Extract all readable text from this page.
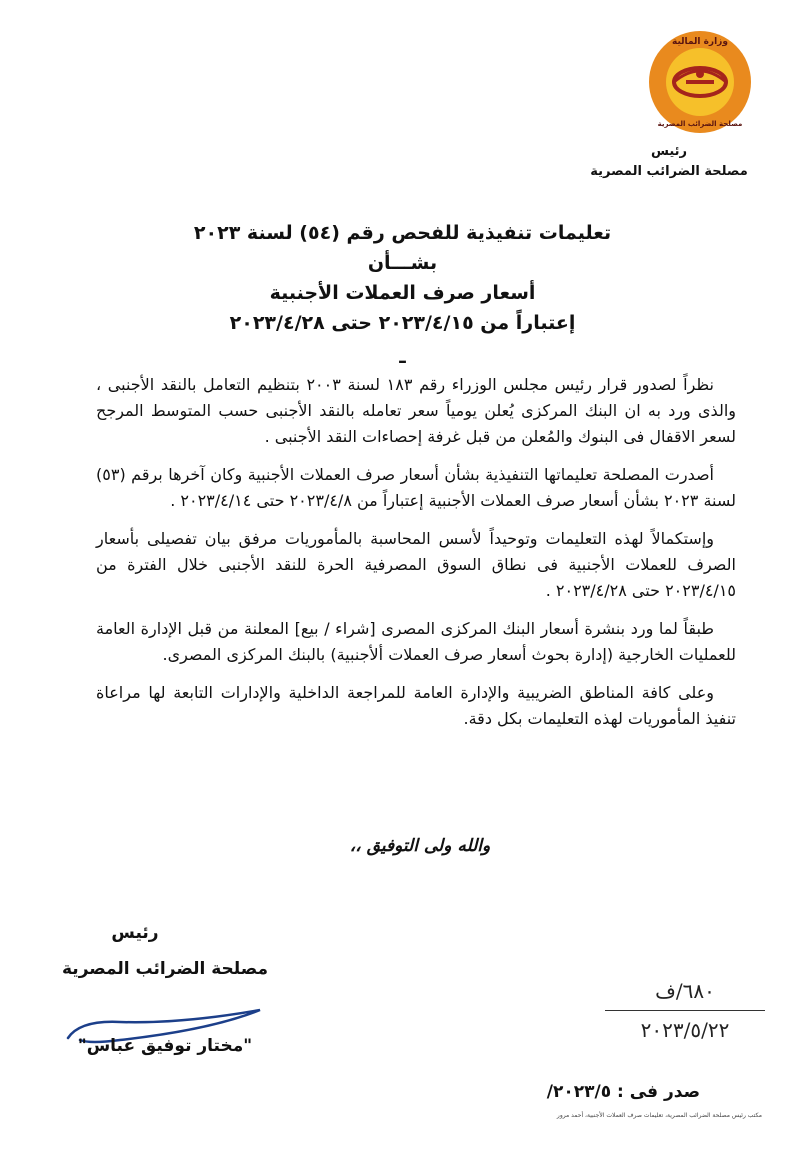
وزارة المالية
مصلحة الضرائب المصرية
رئيس
مصلحة الضرائب المصرية
تعليمات تنفيذية للفحص رقم (٥٤) لسنة ٢٠٢٣
بشـــأن
أسعار صرف العملات الأجنبية
إعتباراً من ٢٠٢٣/٤/١٥ حتى ٢٠٢٣/٤/٢٨
ـ

نظراً لصدور قرار رئيس مجلس الوزراء رقم ١٨٣ لسنة ٢٠٠٣ بتنظيم التعامل بالنقد الأجنبى ، والذى ورد به ان البنك المركزى يُعلن يومياً سعر تعامله بالنقد الأجنبى حسب المتوسط المرجح لسعر الاقفال فى البنوك والمُعلن من قبل غرفة إحصاءات النقد الأجنبى .

أصدرت المصلحة تعليماتها التنفيذية بشأن أسعار صرف العملات الأجنبية وكان آخرها برقم (٥٣) لسنة ٢٠٢٣ بشأن أسعار صرف العملات الأجنبية إعتباراً من ٢٠٢٣/٤/٨ حتى ٢٠٢٣/٤/١٤ .

وإستكمالاً لهذه التعليمات وتوحيداً لأسس المحاسبة بالمأموريات مرفق بيان تفصيلى بأسعار الصرف للعملات الأجنبية فى نطاق السوق المصرفية الحرة للنقد الأجنبى خلال الفترة من ٢٠٢٣/٤/١٥ حتى ٢٠٢٣/٤/٢٨ .

طبقاً لما ورد بنشرة أسعار البنك المركزى المصرى [شراء / بيع] المعلنة من قبل الإدارة العامة للعمليات الخارجية (إدارة بحوث أسعار صرف العملات ألأجنبية) بالبنك المركزى المصرى.

وعلى كافة المناطق الضريبية والإدارة العامة للمراجعة الداخلية والإدارات التابعة لها مراعاة تنفيذ المأموريات لهذه التعليمات بكل دقة.

والله ولى التوفيق ،،
رئيس
مصلحة الضرائب المصرية
"مختار توفيق عباس"
٦٨٠/ف
٢٠٢٣/٥/٢٢
صدر فى : ٢٠٢٣/٥/
مكتب رئيس مصلحة الضرائب المصرية، تعليمات صرف العملات الأجنبية، أحمد مرور
